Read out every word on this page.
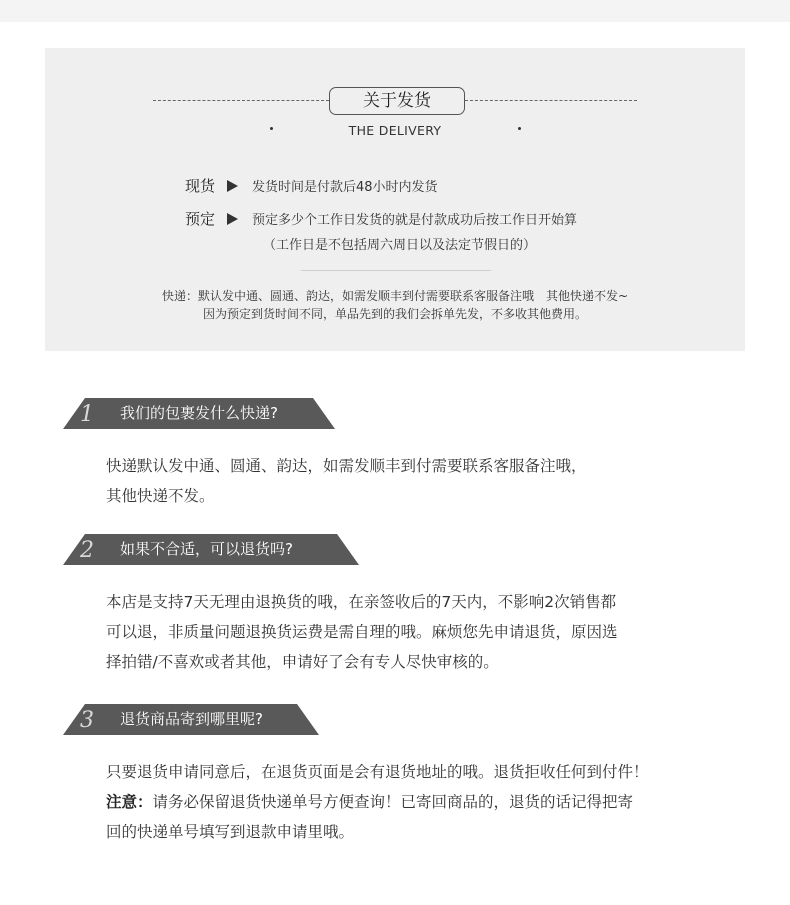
关于发货
THE DELIVERY
现货	发货时间是付款后48小时内发货
预定	预定多少个工作日发货的就是付款成功后按工作日开始算
（工作日是不包括周六周日以及法定节假日的）
快递：默认发中通、圆通、韵达，如需发顺丰到付需要联系客服备注哦　其他快递不发~
因为预定到货时间不同，单品先到的我们会拆单先发，不多收其他费用。
1 我们的包裹发什么快递?
快递默认发中通、圆通、韵达，如需发顺丰到付需要联系客服备注哦，
其他快递不发。
2 如果不合适，可以退货吗?
本店是支持7天无理由退换货的哦，在亲签收后的7天内，不影响2次销售都
可以退，非质量问题退换货运费是需自理的哦。麻烦您先申请退货，原因选
择拍错/不喜欢或者其他，申请好了会有专人尽快审核的。
3 退货商品寄到哪里呢?
只要退货申请同意后，在退货页面是会有退货地址的哦。退货拒收任何到付件！
注意：请务必保留退货快递单号方便查询！已寄回商品的，退货的话记得把寄
回的快递单号填写到退款申请里哦。
